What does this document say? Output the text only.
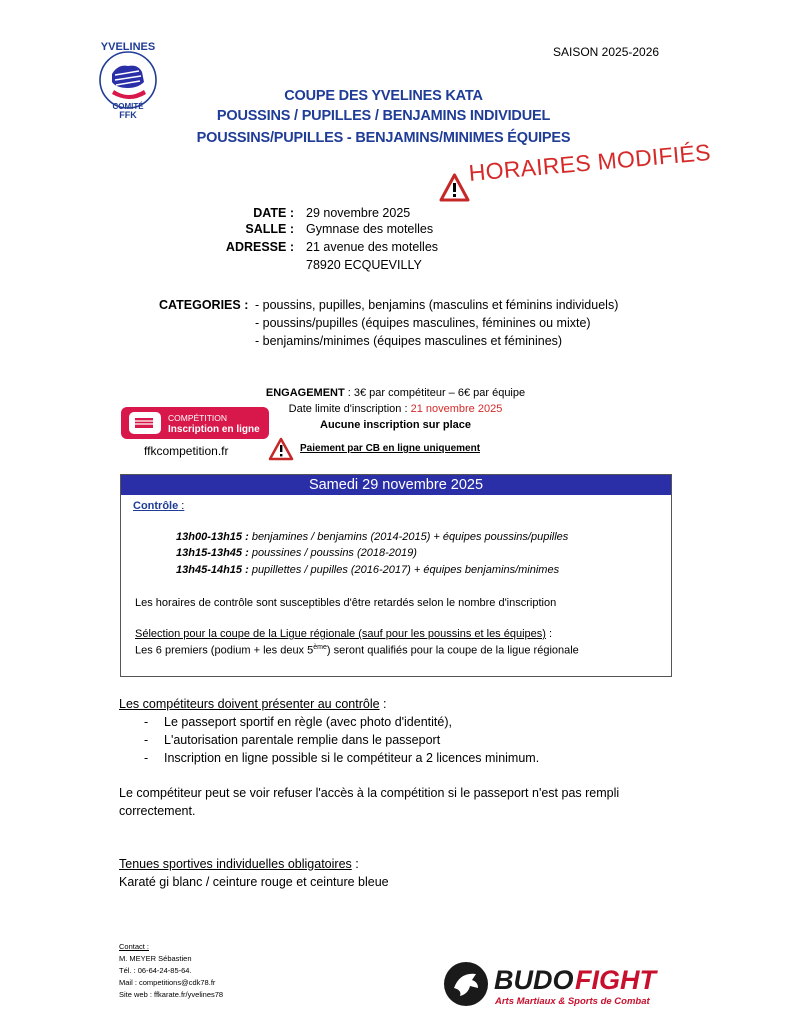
SAISON 2025-2026
YVELINES
COMITÉ
FFK
COUPE DES YVELINES KATA
POUSSINS / PUPILLES / BENJAMINS INDIVIDUEL
POUSSINS/PUPILLES - BENJAMINS/MINIMES ÉQUIPES
HORAIRES MODIFIÉS
DATE : 29 novembre 2025
SALLE : Gymnase des motelles
ADRESSE : 21 avenue des motelles
78920 ECQUEVILLY
CATEGORIES : - poussins, pupilles, benjamins (masculins et féminins individuels)
- poussins/pupilles (équipes masculines, féminines ou mixte)
- benjamins/minimes (équipes masculines et féminines)
ENGAGEMENT : 3€ par compétiteur – 6€ par équipe
Date limite d'inscription : 21 novembre 2025
Aucune inscription sur place
COMPÉTITION
Inscription en ligne
ffkcompetition.fr	Paiement par CB en ligne uniquement
Samedi 29 novembre 2025
Contrôle :
13h00-13h15 : benjamines / benjamins (2014-2015) + équipes poussins/pupilles
13h15-13h45 : poussines / poussins (2018-2019)
13h45-14h15 : pupillettes / pupilles (2016-2017) + équipes benjamins/minimes
Les horaires de contrôle sont susceptibles d'être retardés selon le nombre d'inscription
Sélection pour la coupe de la Ligue régionale (sauf pour les poussins et les équipes) :
Les 6 premiers (podium + les deux 5ème) seront qualifiés pour la coupe de la ligue régionale
Les compétiteurs doivent présenter au contrôle :
- Le passeport sportif en règle (avec photo d'identité),
- L'autorisation parentale remplie dans le passeport
- Inscription en ligne possible si le compétiteur a 2 licences minimum.
Le compétiteur peut se voir refuser l'accès à la compétition si le passeport n'est pas rempli
correctement.
Tenues sportives individuelles obligatoires :
Karaté gi blanc / ceinture rouge et ceinture bleue
Contact :
M. MEYER Sébastien
Tél. : 06-64-24-85-64.
Mail : competitions@cdk78.fr
Site web : ffkarate.fr/yvelines78	BUDO FIGHT
Arts Martiaux & Sports de Combat
